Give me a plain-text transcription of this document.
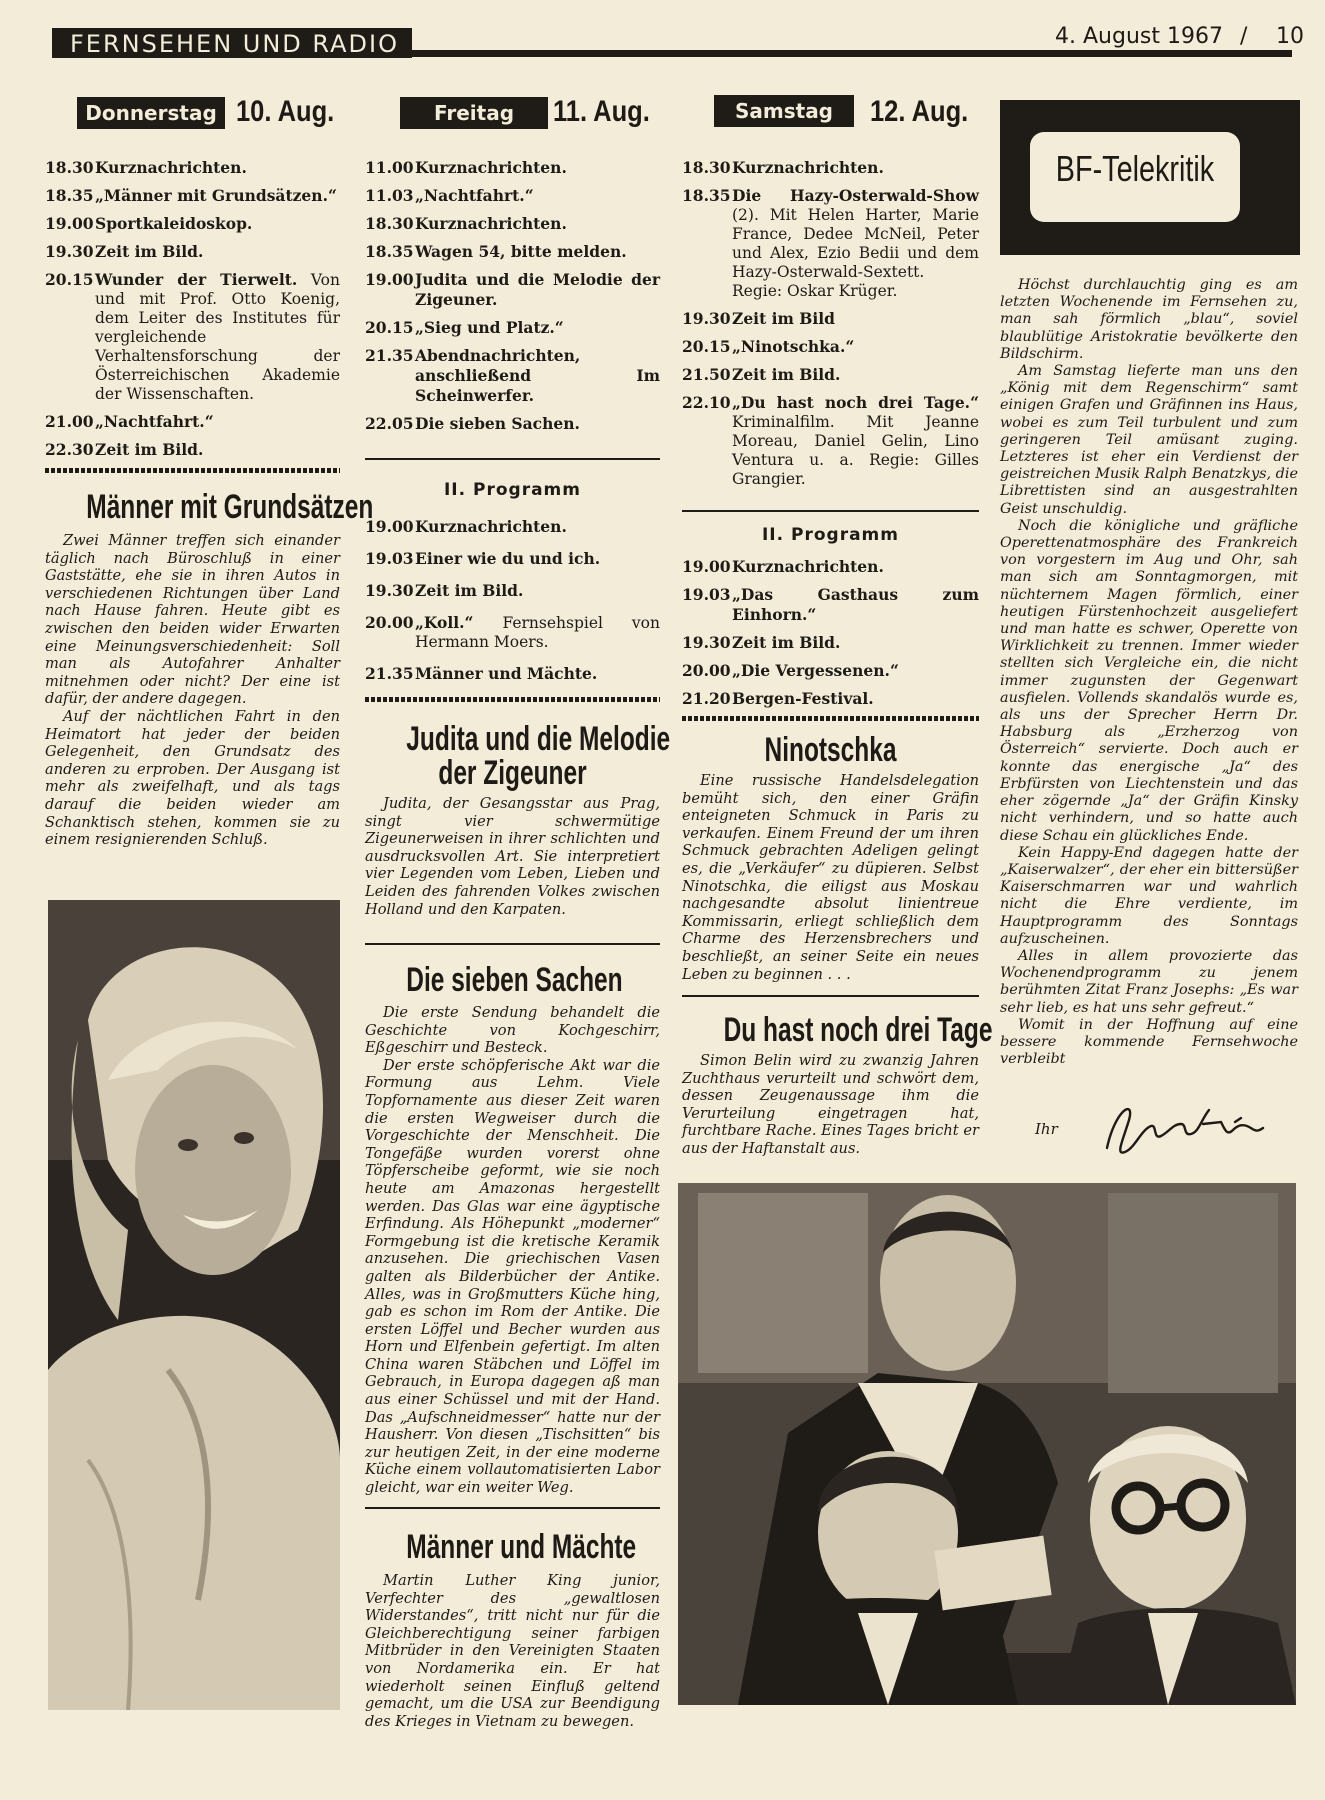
FERNSEHEN UND RADIO	4. August 1967 / 10
Donnerstag 10. Aug.	Freitag	11. Aug.	Samstag	12. Aug.
18.30 Kurznachrichten.
18.35 „Männer mit Grundsätzen.“
19.00 Sportkaleidoskop.
19.30 Zeit im Bild.
20.15 Wunder der Tierwelt. Von und mit Prof. Otto Koenig, dem Leiter des Institutes für vergleichende Verhaltensforschung der Österreichischen Akademie der Wissenschaften.
21.00 „Nachtfahrt.“
22.30 Zeit im Bild.
Männer mit Grundsätzen

Zwei Männer treffen sich einander täglich nach Büroschluß in einer Gaststätte, ehe sie in ihren Autos in verschiedenen Richtungen über Land nach Hause fahren. Heute gibt es zwischen den beiden wider Erwarten eine Meinungsverschiedenheit: Soll man als Autofahrer Anhalter mitnehmen oder nicht? Der eine ist dafür, der andere dagegen.

Auf der nächtlichen Fahrt in den Heimatort hat jeder der beiden Gelegenheit, den Grundsatz des anderen zu erproben. Der Ausgang ist mehr als zweifelhaft, und als tags darauf die beiden wieder am Schanktisch stehen, kommen sie zu einem resignierenden Schluß.

11.00 Kurznachrichten.
11.03 „Nachtfahrt.“
18.30 Kurznachrichten.
18.35 Wagen 54, bitte melden.
19.00 Judita und die Melodie der Zigeuner.
20.15 „Sieg und Platz.“
21.35 Abendnachrichten, anschließend Im Scheinwerfer.
22.05 Die sieben Sachen.
II. Programm
19.00 Kurznachrichten.
19.03 Einer wie du und ich.
19.30 Zeit im Bild.
20.00 „Koll.“ Fernsehspiel von Hermann Moers.
21.35 Männer und Mächte.
Judita und die Melodie
der Zigeuner

Judita, der Gesangsstar aus Prag, singt vier schwermütige Zigeunerweisen in ihrer schlichten und ausdrucksvollen Art. Sie interpretiert vier Legenden vom Leben, Lieben und Leiden des fahrenden Volkes zwischen Holland und den Karpaten.

Die sieben Sachen

Die erste Sendung behandelt die Geschichte von Kochgeschirr, Eßgeschirr und Besteck.

Der erste schöpferische Akt war die Formung aus Lehm. Viele Topfornamente aus dieser Zeit waren die ersten Wegweiser durch die Vorgeschichte der Menschheit. Die Tongefäße wurden vorerst ohne Töpferscheibe geformt, wie sie noch heute am Amazonas hergestellt werden. Das Glas war eine ägyptische Erfindung. Als Höhepunkt „moderner“ Formgebung ist die kretische Keramik anzusehen. Die griechischen Vasen galten als Bilderbücher der Antike. Alles, was in Großmutters Küche hing, gab es schon im Rom der Antike. Die ersten Löffel und Becher wurden aus Horn und Elfenbein gefertigt. Im alten China waren Stäbchen und Löffel im Gebrauch, in Europa dagegen aß man aus einer Schüssel und mit der Hand. Das „Aufschneidmesser“ hatte nur der Hausherr. Von diesen „Tischsitten“ bis zur heutigen Zeit, in der eine moderne Küche einem vollautomatisierten Labor gleicht, war ein weiter Weg.

Männer und Mächte

Martin Luther King junior, Verfechter des „gewaltlosen Widerstandes“, tritt nicht nur für die Gleichberechtigung seiner farbigen Mitbrüder in den Vereinigten Staaten von Nordamerika ein. Er hat wiederholt seinen Einfluß geltend gemacht, um die USA zur Beendigung des Krieges in Vietnam zu bewegen.

18.30 Kurznachrichten.
18.35 Die Hazy-Osterwald-Show (2). Mit Helen Harter, Marie France, Dedee McNeil, Peter und Alex, Ezio Bedii und dem Hazy-Osterwald-Sextett. Regie: Oskar Krüger.
19.30 Zeit im Bild
20.15 „Ninotschka.“
21.50 Zeit im Bild.
22.10 „Du hast noch drei Tage.“ Kriminalfilm. Mit Jeanne Moreau, Daniel Gelin, Lino Ventura u. a. Regie: Gilles Grangier.
II. Programm
19.00 Kurznachrichten.
19.03 „Das Gasthaus zum Einhorn.“
19.30 Zeit im Bild.
20.00 „Die Vergessenen.“
21.20 Bergen-Festival.
Ninotschka

Eine russische Handelsdelegation bemüht sich, den einer Gräfin enteigneten Schmuck in Paris zu verkaufen. Einem Freund der um ihren Schmuck gebrachten Adeligen gelingt es, die „Verkäufer“ zu düpieren. Selbst Ninotschka, die eiligst aus Moskau nachgesandte absolut linientreue Kommissarin, erliegt schließlich dem Charme des Herzensbrechers und beschließt, an seiner Seite ein neues Leben zu beginnen . . .

Du hast noch drei Tage

Simon Belin wird zu zwanzig Jahren Zuchthaus verurteilt und schwört dem, dessen Zeugenaussage ihm die Verurteilung eingetragen hat, furchtbare Rache. Eines Tages bricht er aus der Haftanstalt aus.

BF-Telekritik

Höchst durchlauchtig ging es am letzten Wochenende im Fernsehen zu, man sah förmlich „blau“, soviel blaublütige Aristokratie bevölkerte den Bildschirm.

Am Samstag lieferte man uns den „König mit dem Regenschirm“ samt einigen Grafen und Gräfinnen ins Haus, wobei es zum Teil turbulent und zum geringeren Teil amüsant zuging. Letzteres ist eher ein Verdienst der geistreichen Musik Ralph Benatzkys, die Librettisten sind an ausgestrahlten Geist unschuldig.

Noch die königliche und gräfliche Operettenatmosphäre des Frankreich von vorgestern im Aug und Ohr, sah man sich am Sonntagmorgen, mit nüchternem Magen förmlich, einer heutigen Fürstenhochzeit ausgeliefert und man hatte es schwer, Operette von Wirklichkeit zu trennen. Immer wieder stellten sich Vergleiche ein, die nicht immer zugunsten der Gegenwart ausfielen. Vollends skandalös wurde es, als uns der Sprecher Herrn Dr. Habsburg als „Erzherzog von Österreich“ servierte. Doch auch er konnte das energische „Ja“ des Erbfürsten von Liechtenstein und das eher zögernde „Ja“ der Gräfin Kinsky nicht verhindern, und so hatte auch diese Schau ein glückliches Ende.

Kein Happy-End dagegen hatte der „Kaiserwalzer“, der eher ein bittersüßer Kaiserschmarren war und wahrlich nicht die Ehre verdiente, im Hauptprogramm des Sonntags aufzuscheinen.

Alles in allem provozierte das Wochenendprogramm zu jenem berühmten Zitat Franz Josephs: „Es war sehr lieb, es hat uns sehr gefreut.“

Womit in der Hoffnung auf eine bessere kommende Fernsehwoche verbleibt

Ihr
